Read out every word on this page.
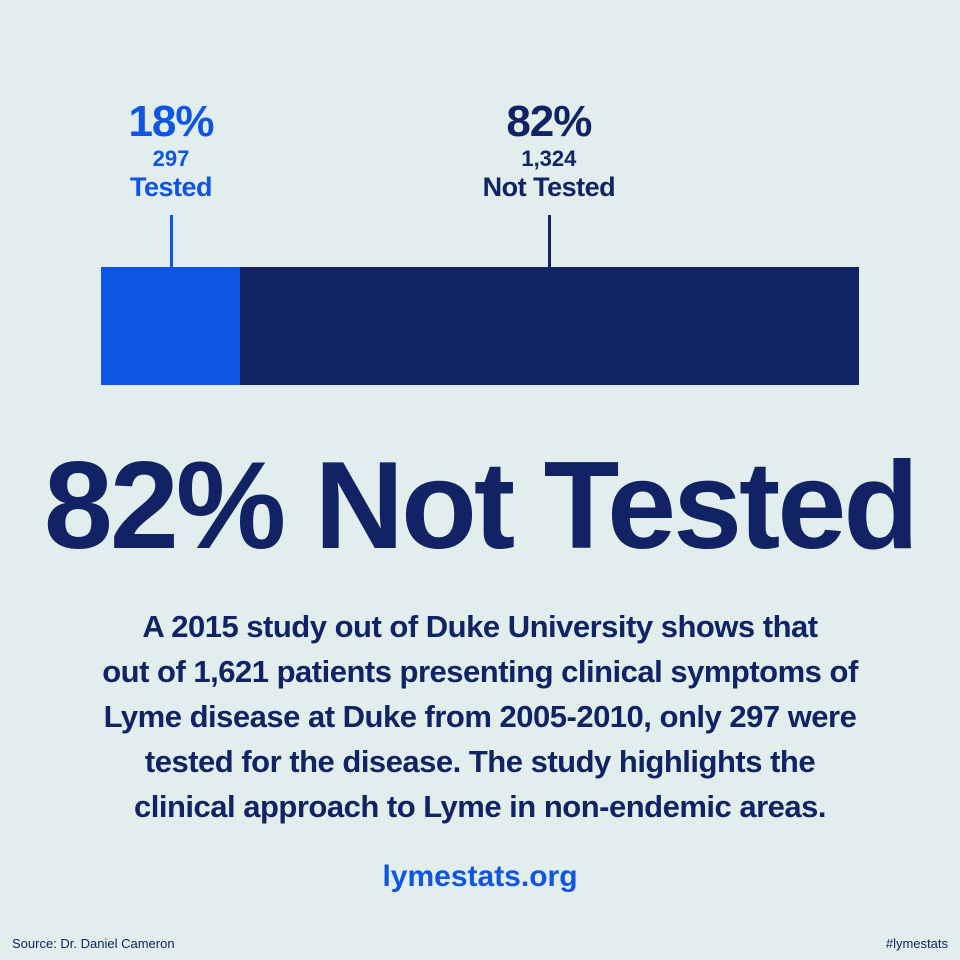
18%
297
Tested
82%
1,324
Not Tested
82% Not Tested
A 2015 study out of Duke University shows that
out of 1,621 patients presenting clinical symptoms of
Lyme disease at Duke from 2005-2010, only 297 were
tested for the disease. The study highlights the
clinical approach to Lyme in non-endemic areas.
lymestats.org
Source: Dr. Daniel Cameron	#lymestats
